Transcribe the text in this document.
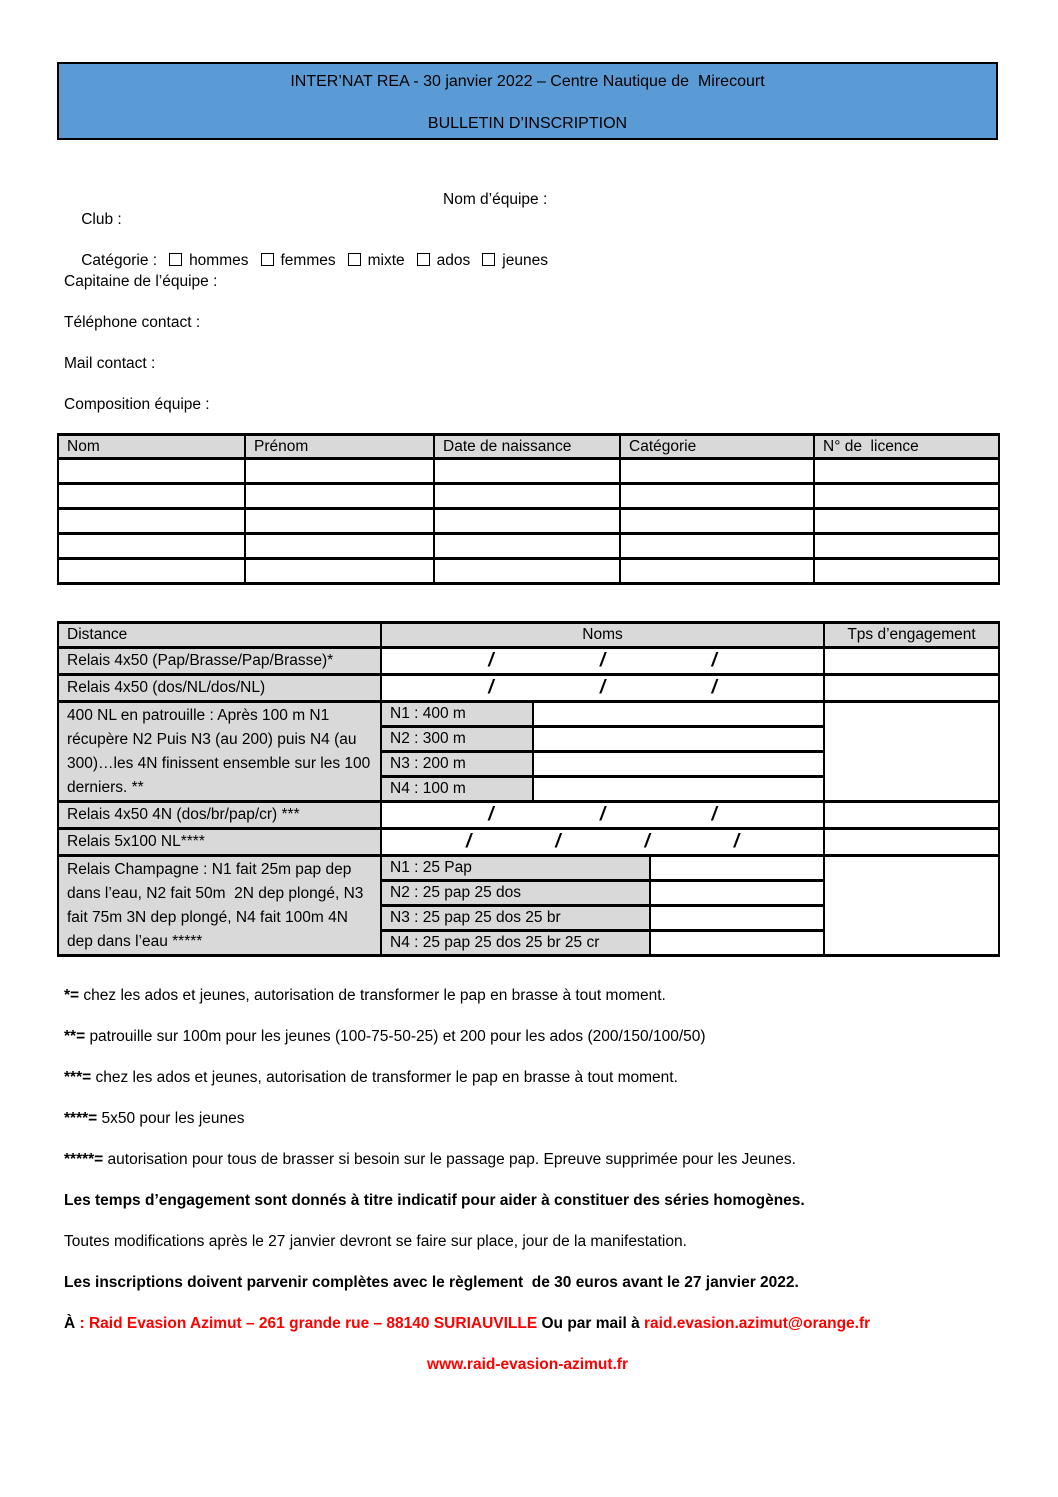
INTER’NAT REA - 30 janvier 2022 – Centre Nautique de  Mirecourt
BULLETIN D’INSCRIPTION

Club :

Nom d’équipe :

Catégorie : hommes femmes mixte ados jeunes

Capitaine de l’équipe :
Téléphone contact :
Mail contact :
Composition équipe :
Nom	Prénom	Date de naissance	Catégorie	N° de  licence

Distance	Noms			Tps d’engagement
Relais 4x50 (Pap/Brasse/Pap/Brasse)*	/ / /			

Relais 4x50 (dos/NL/dos/NL)	/ / /			

400 NL en patrouille : Après 100 m N1 récupère N2 Puis N3 (au 200) puis N4 (au 300)…les 4N finissent ensemble sur les 100 derniers. **	N1 : 400 m			
	N2 : 300 m			
	N3 : 200 m			
	N4 : 100 m			
Relais 4x50 4N (dos/br/pap/cr) ***	/ / /			

Relais 5x100 NL****	/ / / /			

Relais Champagne : N1 fait 25m pap dep dans l’eau, N2 fait 50m  2N dep plongé, N3 fait 75m 3N dep plongé, N4 fait 100m 4N dep dans l’eau *****	N1 : 25 Pap			
	N2 : 25 pap 25 dos			
	N3 : 25 pap 25 dos 25 br			
	N4 : 25 pap 25 dos 25 br 25 cr			
*= chez les ados et jeunes, autorisation de transformer le pap en brasse à tout moment.
**= patrouille sur 100m pour les jeunes (100-75-50-25) et 200 pour les ados (200/150/100/50)
***= chez les ados et jeunes, autorisation de transformer le pap en brasse à tout moment.
****= 5x50 pour les jeunes
*****= autorisation pour tous de brasser si besoin sur le passage pap. Epreuve supprimée pour les Jeunes.
Les temps d’engagement sont donnés à titre indicatif pour aider à constituer des séries homogènes.
Toutes modifications après le 27 janvier devront se faire sur place, jour de la manifestation.
Les inscriptions doivent parvenir complètes avec le règlement  de 30 euros avant le 27 janvier 2022.
À : Raid Evasion Azimut – 261 grande rue – 88140 SURIAUVILLE Ou par mail à raid.evasion.azimut@orange.fr
www.raid-evasion-azimut.fr
